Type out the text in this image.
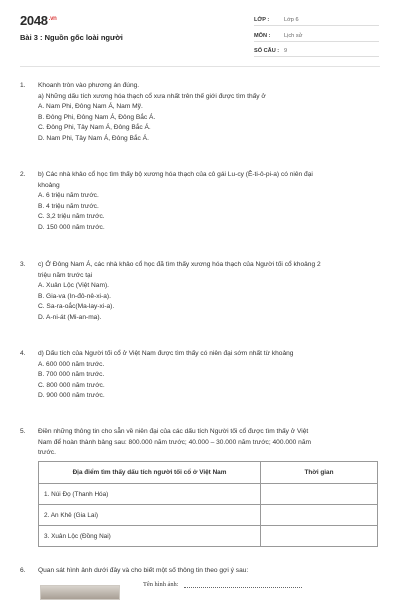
$2048^{.vn}$
Bài 3 : Nguồn gốc loài người
LỚP :	Lớp 6
MÔN : Lịch sử
SỐ CÂU : 9
1. Khoanh tròn vào phương án đúng.
a) Những dấu tích xương hóa thạch cổ xưa nhất trên thế giới được tìm thấy ở
A. Nam Phi, Đông Nam Á, Nam Mỹ.
B. Đông Phi, Đông Nam Á, Đông Bắc Á.
C. Đông Phi, Tây Nam Á, Đông Bắc Á.
D. Nam Phi, Tây Nam Á, Đông Bắc Á.
2. b) Các nhà khảo cổ học tìm thấy bộ xương hóa thạch của cô gái Lu-cy (Ê-ti-ô-pi-a) có niên đại
khoảng
A. 6 triệu năm trước.
B. 4 triệu năm trước.
C. 3,2 triệu năm trước.
D. 150 000 năm trước.
3. c) Ở Đông Nam Á, các nhà khảo cổ học đã tìm thấy xương hóa thạch của Người tối cổ khoảng 2
triệu năm trước tại
A. Xuân Lộc (Việt Nam).
B. Gia-va (In-đô-nê-xi-a).
C. Sa-ra-oắc(Ma-lay-xi-a).
D. A-ni-át (Mi-an-ma).
4. d) Dấu tích của Người tối cổ ở Việt Nam được tìm thấy có niên đại sớm nhất từ khoảng
A. 600 000 năm trước.
B. 700 000 năm trước.
C. 800 000 năm trước.
D. 900 000 năm trước.
5. Điền những thông tin cho sẵn về niên đại của các dấu tích Người tối cổ được tìm thấy ở Việt
Nam để hoàn thành bảng sau: 800.000 năm trước; 40.000 – 30.000 năm trước; 400.000 năm
trước.
Địa điểm tìm thấy dấu tích người tối cổ ở Việt Nam	Thời gian
1. Núi Đọ (Thanh Hóa)	
2. An Khê (Gia Lai)	
3. Xuân Lộc (Đồng Nai)	
6. Quan sát hình ảnh dưới đây và cho biết một số thông tin theo gợi ý sau:
Tên hình ảnh:
